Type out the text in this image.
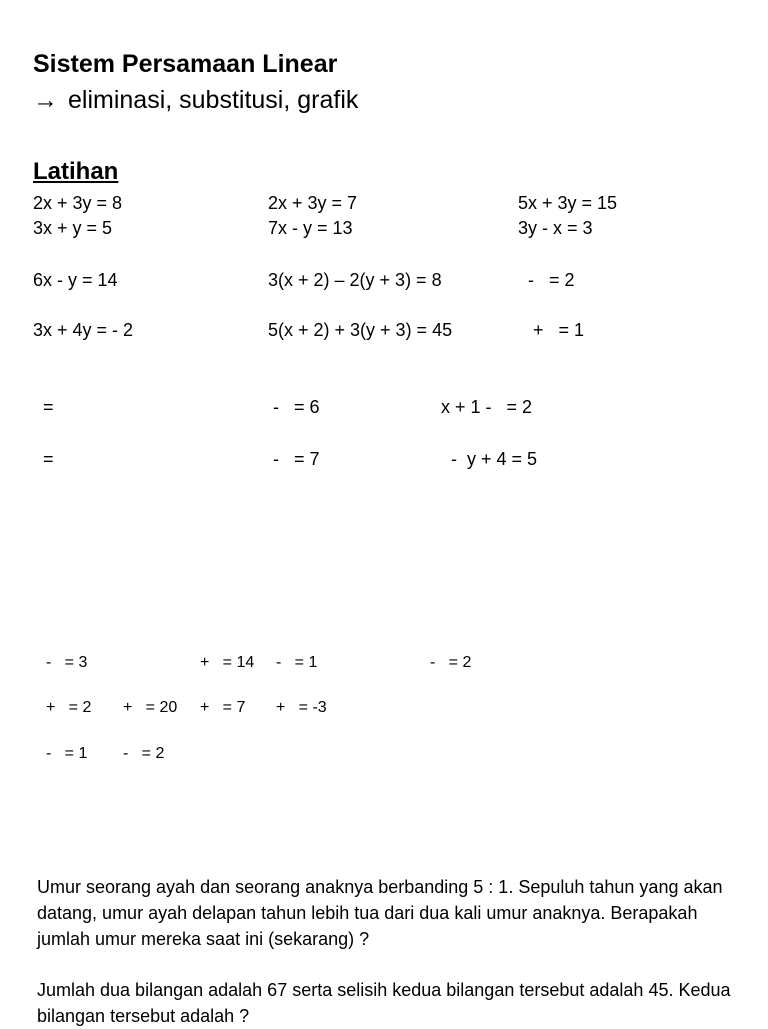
Sistem Persamaan Linear
→ eliminasi, substitusi, grafik
Latihan
2x + 3y = 8
3x + y = 5
2x + 3y = 7
7x - y = 13
5x + 3y = 15
3y - x = 3
6x - y = 14
3x + 4y = - 2
3(x + 2) – 2(y + 3) = 8
5(x + 2) + 3(y + 3) = 45
-   = 2
+   = 1
=
=
-   = 6
-   = 7
x + 1 -   = 2
-  y + 4 = 5
-   = 3	+   = 14 -   = 1	-   = 2
+   = 2 +   = 20 +   = 7 +   = -3
-   = 1 -   = 2
Umur seorang ayah dan seorang anaknya berbanding 5 : 1. Sepuluh tahun yang akan datang, umur ayah delapan tahun lebih tua dari dua kali umur anaknya. Berapakah jumlah umur mereka saat ini (sekarang) ?
Jumlah dua bilangan adalah 67 serta selisih kedua bilangan tersebut adalah 45. Kedua bilangan tersebut adalah ?
